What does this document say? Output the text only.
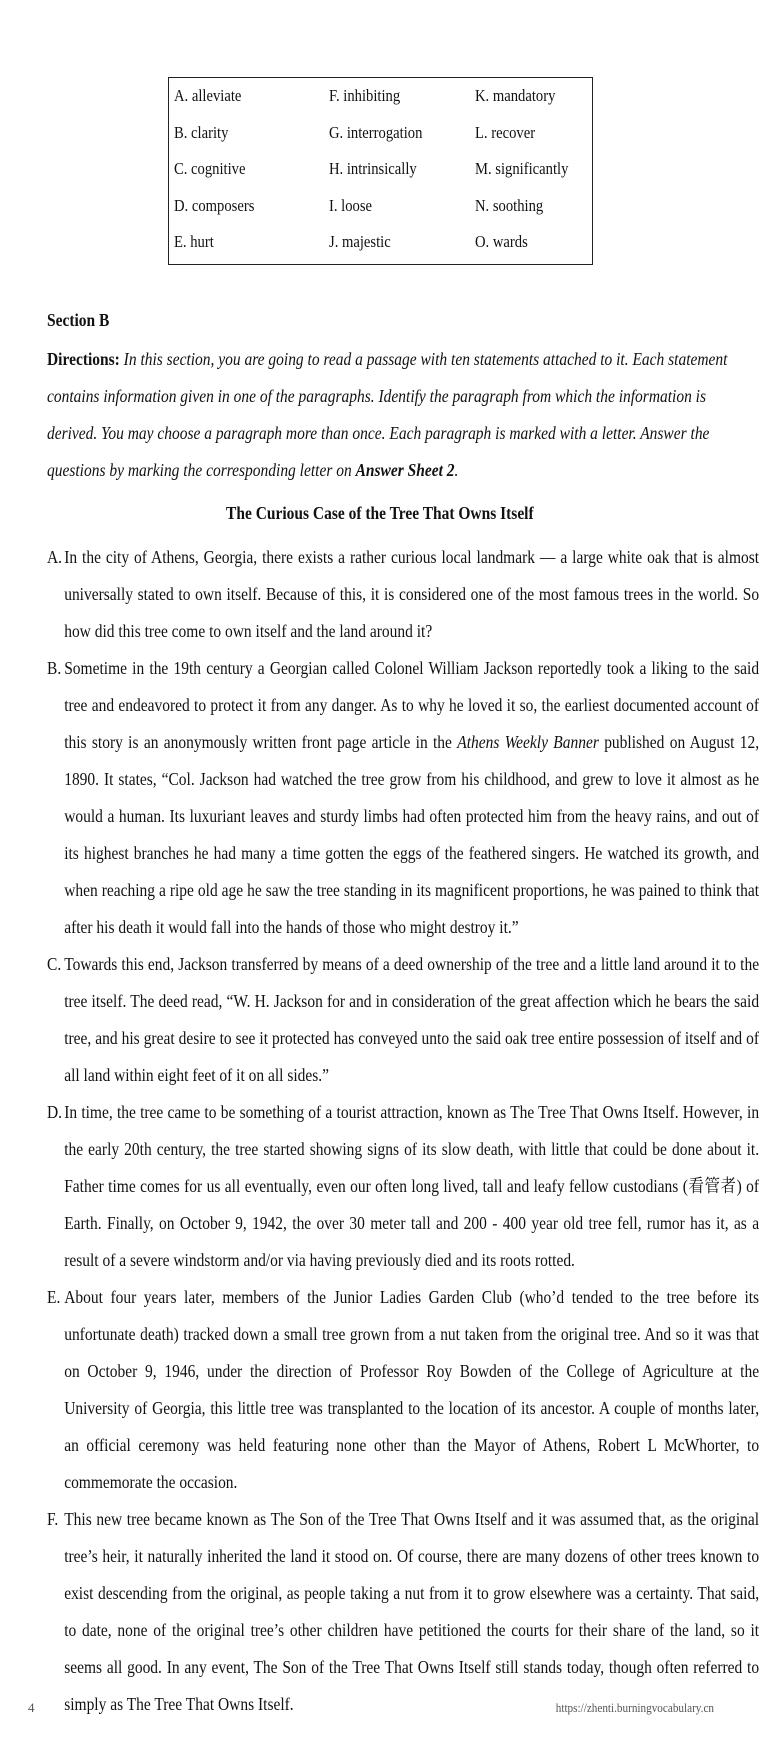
A. alleviate
B. clarity
C. cognitive
D. composers
E. hurt
F. inhibiting
G. interrogation
H. intrinsically
I. loose
J. majestic
K. mandatory
L. recover
M. significantly
N. soothing
O. wards
Section B
Directions: In this section, you are going to read a passage with ten statements attached to it. Each statement contains information given in one of the paragraphs. Identify the paragraph from which the information is derived. You may choose a paragraph more than once. Each paragraph is marked with a letter. Answer the questions by marking the corresponding letter on Answer Sheet 2.
The Curious Case of the Tree That Owns Itself

A. In the city of Athens, Georgia, there exists a rather curious local landmark — a large white oak that is almost universally stated to own itself. Because of this, it is considered one of the most famous trees in the world. So how did this tree come to own itself and the land around it?

B. Sometime in the 19th century a Georgian called Colonel William Jackson reportedly took a liking to the said tree and endeavored to protect it from any danger. As to why he loved it so, the earliest documented account of this story is an anonymously written front page article in the Athens Weekly Banner published on August 12, 1890. It states, “Col. Jackson had watched the tree grow from his childhood, and grew to love it almost as he would a human. Its luxuriant leaves and sturdy limbs had often protected him from the heavy rains, and out of its highest branches he had many a time gotten the eggs of the feathered singers. He watched its growth, and when reaching a ripe old age he saw the tree standing in its magnificent proportions, he was pained to think that after his death it would fall into the hands of those who might destroy it.”

C. Towards this end, Jackson transferred by means of a deed ownership of the tree and a little land around it to the tree itself. The deed read, “W. H. Jackson for and in consideration of the great affection which he bears the said tree, and his great desire to see it protected has conveyed unto the said oak tree entire possession of itself and of all land within eight feet of it on all sides.”

D. In time, the tree came to be something of a tourist attraction, known as The Tree That Owns Itself. However, in the early 20th century, the tree started showing signs of its slow death, with little that could be done about it. Father time comes for us all eventually, even our often long lived, tall and leafy fellow custodians (看管者) of Earth. Finally, on October 9, 1942, the over 30 meter tall and 200 - 400 year old tree fell, rumor has it, as a result of a severe windstorm and/or via having previously died and its roots rotted.

E. About four years later, members of the Junior Ladies Garden Club (who’d tended to the tree before its unfortunate death) tracked down a small tree grown from a nut taken from the original tree. And so it was that on October 9, 1946, under the direction of Professor Roy Bowden of the College of Agriculture at the University of Georgia, this little tree was transplanted to the location of its ancestor. A couple of months later, an official ceremony was held featuring none other than the Mayor of Athens, Robert L McWhorter, to commemorate the occasion.

F. This new tree became known as The Son of the Tree That Owns Itself and it was assumed that, as the original tree’s heir, it naturally inherited the land it stood on. Of course, there are many dozens of other trees known to exist descending from the original, as people taking a nut from it to grow elsewhere was a certainty. That said, to date, none of the original tree’s other children have petitioned the courts for their share of the land, so it seems all good. In any event, The Son of the Tree That Owns Itself still stands today, though often referred to simply as The Tree That Owns Itself.

4	https://zhenti.burningvocabulary.cn
